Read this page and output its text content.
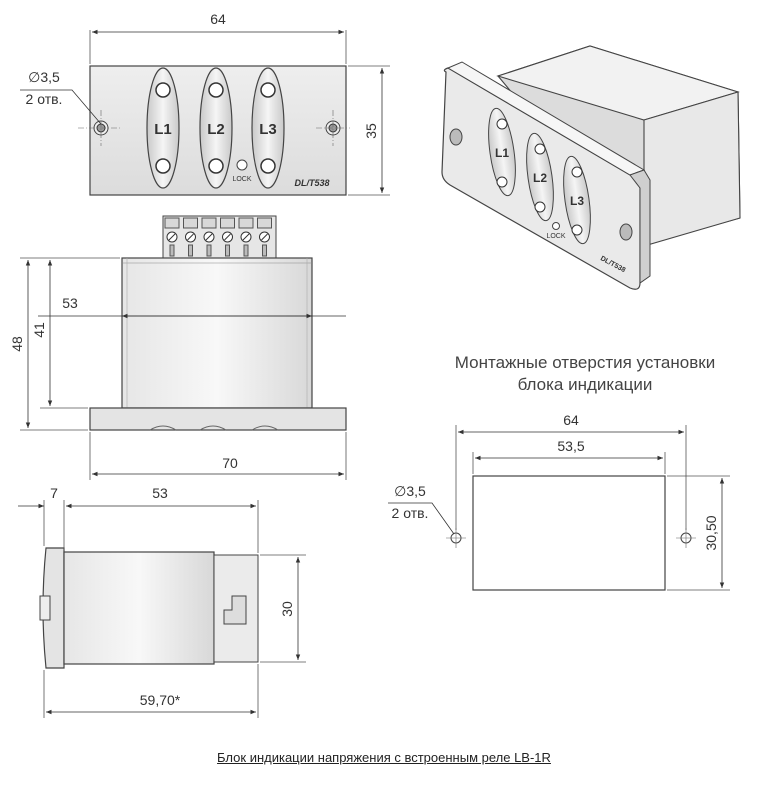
L1 L2 L3
LOCK	DL/T538
64
35
∅3,5
2 отв.
53
48
41
70
7	53
30
59,70*
L1
L2
L3
LOCK
DL/T538
64
53,5
30,50
∅3,5
2 отв.
Монтажные отверстия установки
блока индикации
Блок индикации напряжения с встроенным реле LB-1R
